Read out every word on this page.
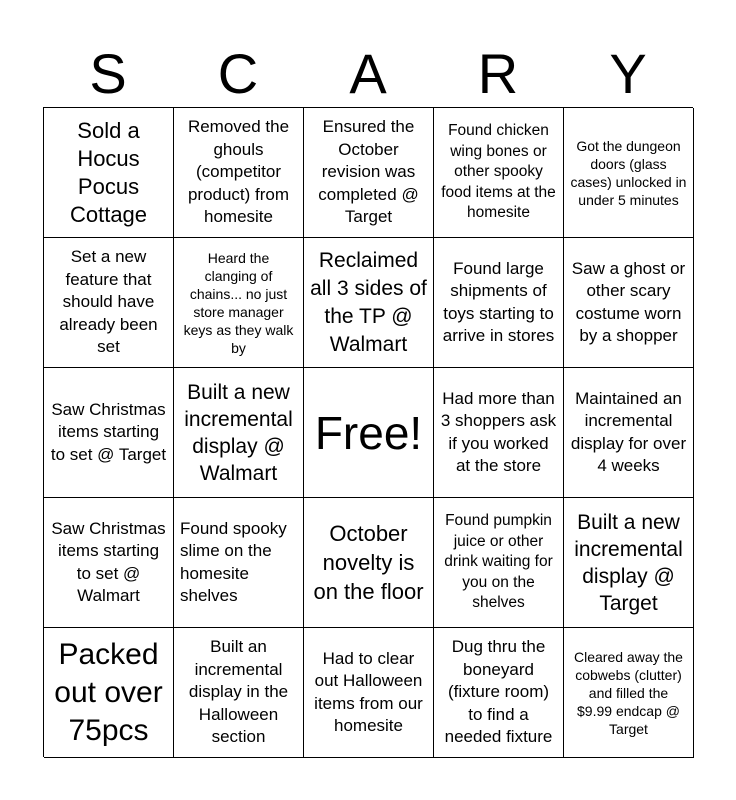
S	C	A	R	Y
Sold a Hocus Pocus Cottage
Removed the ghouls (competitor product) from homesite
Ensured the October revision was completed @ Target
Found chicken wing bones or other spooky food items at the homesite
Got the dungeon doors (glass cases) unlocked in under 5 minutes
Set a new feature that should have already been set
Heard the clanging of chains... no just store manager keys as they walk by
Reclaimed all 3 sides of the TP @ Walmart
Found large shipments of toys starting to arrive in stores
Saw a ghost or other scary costume worn by a shopper
Saw Christmas items starting to set @ Target
Built a new incremental display @ Walmart
Free!
Had more than 3 shoppers ask if you worked at the store
Maintained an incremental display for over 4 weeks
Saw Christmas items starting to set @ Walmart
Found spooky slime on the homesite shelves
October novelty is on the floor
Found pumpkin juice or other drink waiting for you on the shelves
Built a new incremental display @ Target
Packed out over 75pcs
Built an incremental display in the Halloween section
Had to clear out Halloween items from our homesite
Dug thru the boneyard (fixture room) to find a needed fixture
Cleared away the cobwebs (clutter) and filled the $9.99 endcap @ Target
